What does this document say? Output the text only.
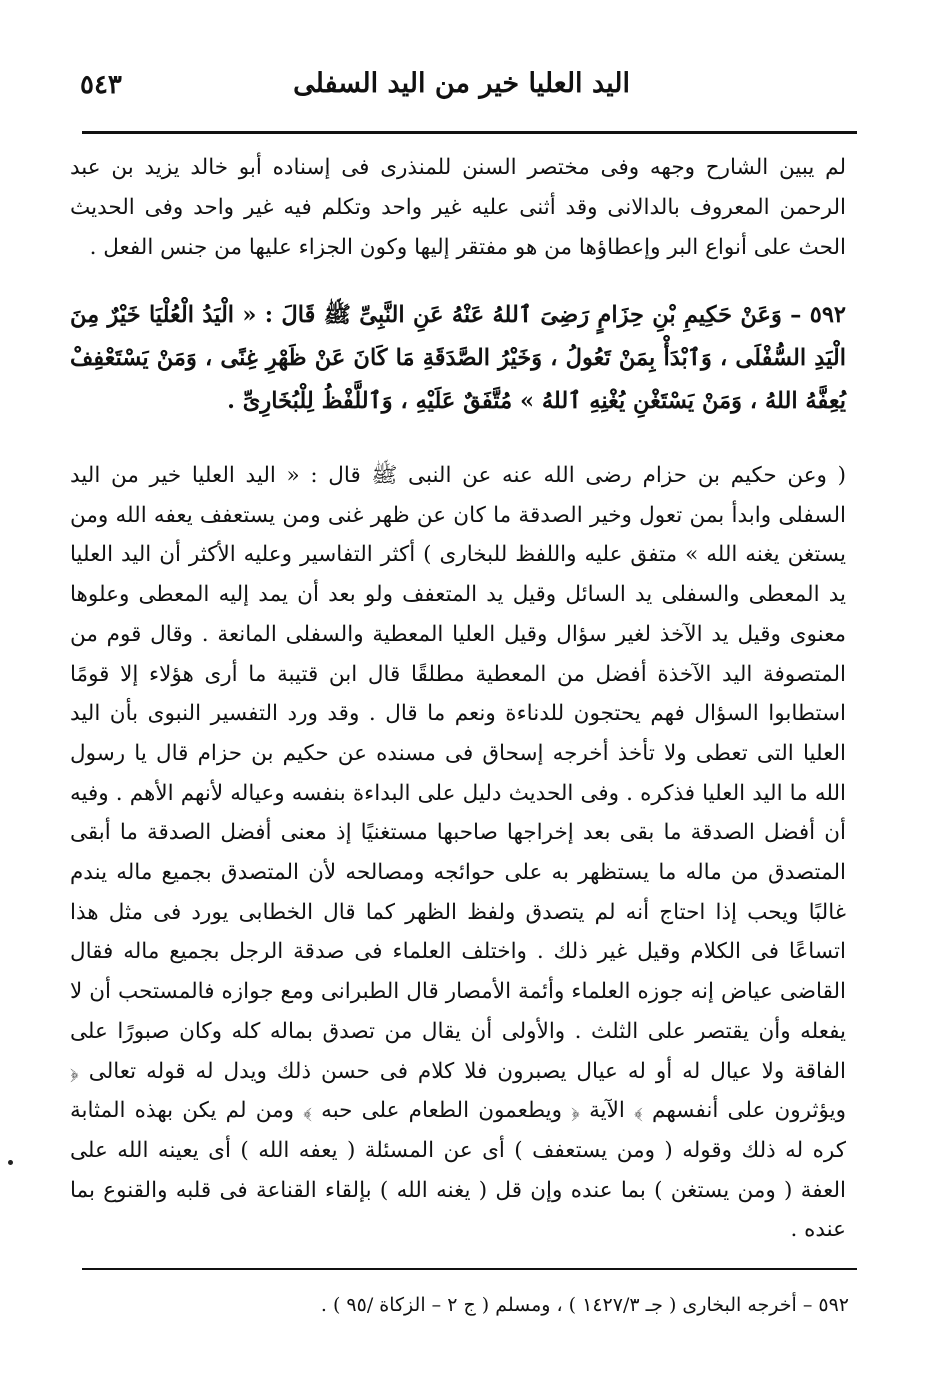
٥٤٣	اليد العليا خير من اليد السفلى

لم يبين الشارح وجهه وفى مختصر السنن للمنذرى فى إسناده أبو خالد يزيد بن عبد الرحمن المعروف بالدالانى وقد أثنى عليه غير واحد وتكلم فيه غير واحد وفى الحديث الحث على أنواع البر وإعطاؤها من هو مفتقر إليها وكون الجزاء عليها من جنس الفعل .

٥٩٢ – وَعَنْ حَكِيمِ بْنِ حِزَامٍ رَضِىَ ٱللهُ عَنْهُ عَنِ النَّبِىِّ ﷺ قَالَ : « الْيَدُ الْعُلْيَا خَيْرٌ مِنَ الْيَدِ السُّفْلَى ، وَٱبْدَأْ بِمَنْ تَعُولُ ، وَخَيْرُ الصَّدَقَةِ مَا كَانَ عَنْ ظَهْرِ غِنًى ، وَمَنْ يَسْتَعْفِفْ يُعِفَّهُ اللهُ ، وَمَنْ يَسْتَغْنِ يُغْنِهِ ٱللهُ » مُتَّفَقٌ عَلَيْهِ ، وَٱللَّفْظُ لِلْبُخَارِىِّ .

( وعن حكيم بن حزام رضى الله عنه عن النبى ﷺ قال : « اليد العليا خير من اليد السفلى وابدأ بمن تعول وخير الصدقة ما كان عن ظهر غنى ومن يستعفف يعفه الله ومن يستغن يغنه الله » متفق عليه واللفظ للبخارى ) أكثر التفاسير وعليه الأكثر أن اليد العليا يد المعطى والسفلى يد السائل وقيل يد المتعفف ولو بعد أن يمد إليه المعطى وعلوها معنوى وقيل يد الآخذ لغير سؤال وقيل العليا المعطية والسفلى المانعة . وقال قوم من المتصوفة اليد الآخذة أفضل من المعطية مطلقًا قال ابن قتيبة ما أرى هؤلاء إلا قومًا استطابوا السؤال فهم يحتجون للدناءة ونعم ما قال . وقد ورد التفسير النبوى بأن اليد العليا التى تعطى ولا تأخذ أخرجه إسحاق فى مسنده عن حكيم بن حزام قال يا رسول الله ما اليد العليا فذكره . وفى الحديث دليل على البداءة بنفسه وعياله لأنهم الأهم . وفيه أن أفضل الصدقة ما بقى بعد إخراجها صاحبها مستغنيًا إذ معنى أفضل الصدقة ما أبقى المتصدق من ماله ما يستظهر به على حوائجه ومصالحه لأن المتصدق بجميع ماله يندم غالبًا ويحب إذا احتاج أنه لم يتصدق ولفظ الظهر كما قال الخطابى يورد فى مثل هذا اتساعًا فى الكلام وقيل غير ذلك . واختلف العلماء فى صدقة الرجل بجميع ماله فقال القاضى عياض إنه جوزه العلماء وأئمة الأمصار قال الطبرانى ومع جوازه فالمستحب أن لا يفعله وأن يقتصر على الثلث . والأولى أن يقال من تصدق بماله كله وكان صبورًا على الفاقة ولا عيال له أو له عيال يصبرون فلا كلام فى حسن ذلك ويدل له قوله تعالى ﴿ ويؤثرون على أنفسهم ﴾ الآية ﴿ ويطعمون الطعام على حبه ﴾ ومن لم يكن بهذه المثابة كره له ذلك وقوله ( ومن يستعفف ) أى عن المسئلة ( يعفه الله ) أى يعينه الله على العفة ( ومن يستغن ) بما عنده وإن قل ( يغنه الله ) بإلقاء القناعة فى قلبه والقنوع بما عنده .

٥٩٢ – أخرجه البخارى ( جـ ١٤٢٧/٣ ) ، ومسلم ( ج ٢ – الزكاة /٩٥ ) .
